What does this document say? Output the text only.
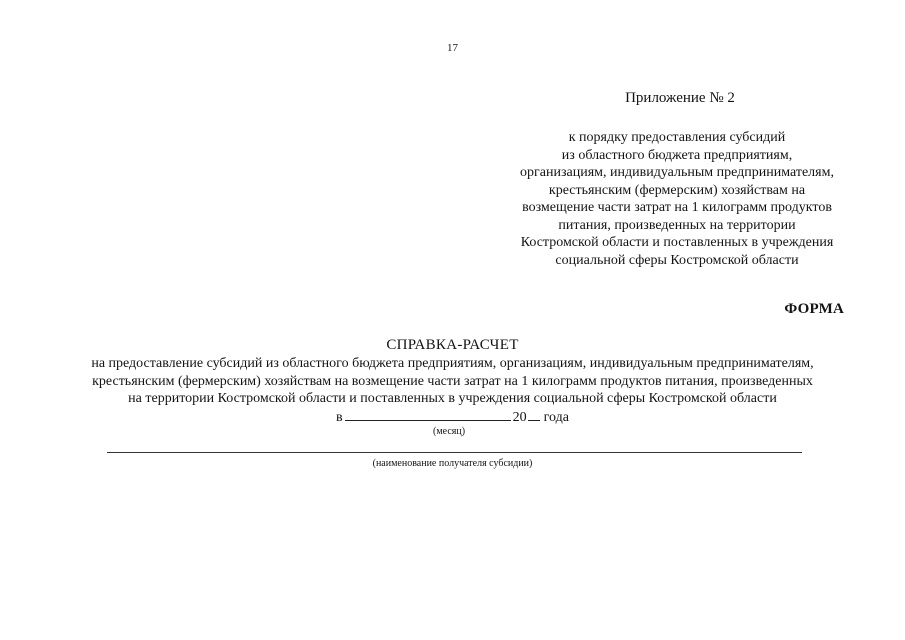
17
Приложение № 2
к порядку предоставления субсидий
из областного бюджета предприятиям,
организациям, индивидуальным предпринимателям,
крестьянским (фермерским) хозяйствам на
возмещение части затрат на 1 килограмм продуктов
питания, произведенных на территории
Костромской области и поставленных в учреждения
социальной сферы Костромской области
ФОРМА
СПРАВКА-РАСЧЕТ
на предоставление субсидий из областного бюджета предприятиям, организациям, индивидуальным предпринимателям,
крестьянским (фермерским) хозяйствам на возмещение части затрат на 1 килограмм продуктов питания, произведенных
на территории Костромской области и поставленных в учреждения социальной сферы Костромской области
в	20 года
(месяц)
(наименование получателя субсидии)
